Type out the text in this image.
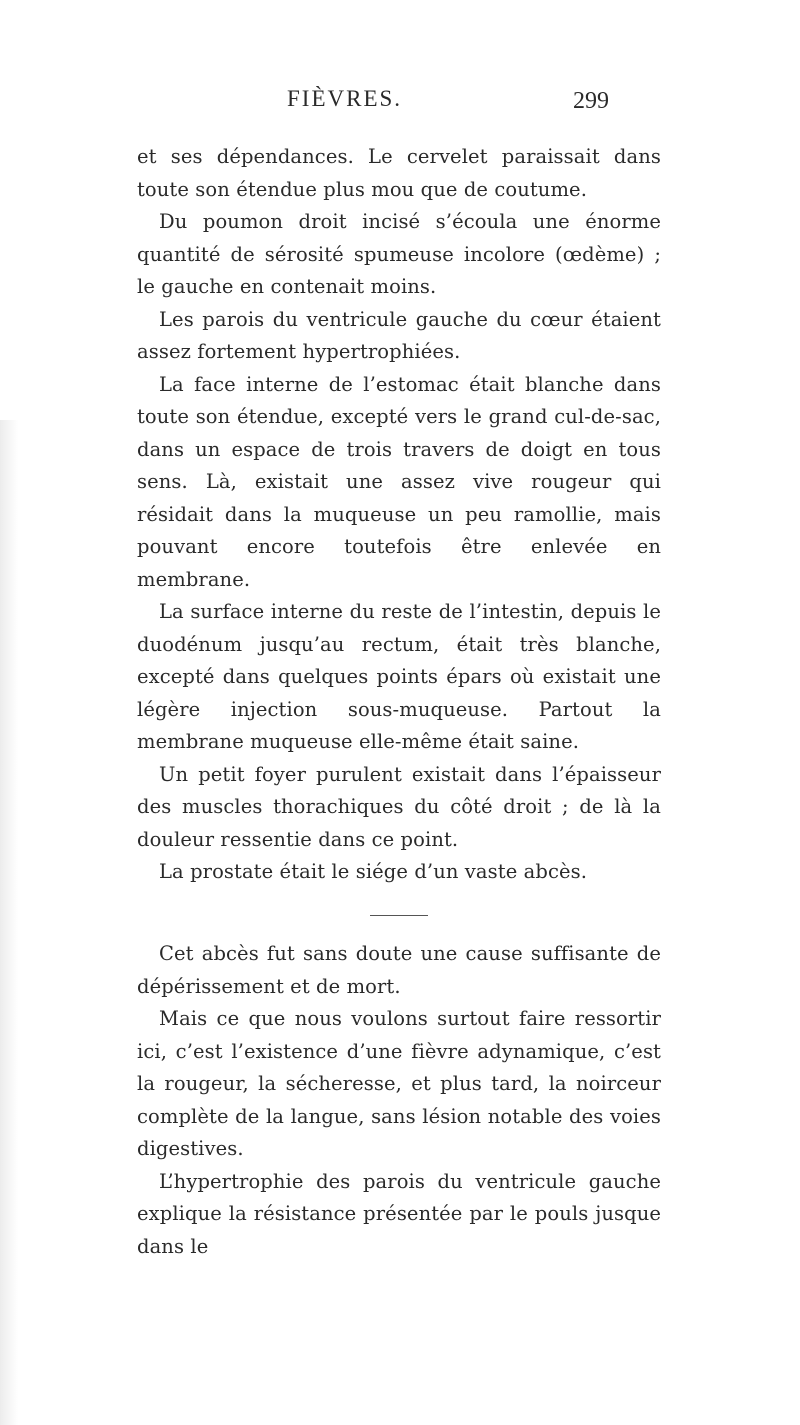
FIÈVRES.	299

et ses dépendances. Le cervelet paraissait dans toute son étendue plus mou que de coutume.

Du poumon droit incisé s’écoula une énorme quantité de sérosité spumeuse incolore (œdème) ; le gauche en contenait moins.

Les parois du ventricule gauche du cœur étaient assez fortement hypertrophiées.

La face interne de l’estomac était blanche dans toute son étendue, excepté vers le grand cul-de-sac, dans un espace de trois travers de doigt en tous sens. Là, existait une assez vive rougeur qui résidait dans la muqueuse un peu ramollie, mais pouvant encore toutefois être enlevée en membrane.

La surface interne du reste de l’intestin, depuis le duodénum jusqu’au rectum, était très blanche, excepté dans quelques points épars où existait une légère injection sous-muqueuse. Partout la membrane muqueuse elle-même était saine.

Un petit foyer purulent existait dans l’épaisseur des muscles thorachiques du côté droit ; de là la douleur ressentie dans ce point.

La prostate était le siége d’un vaste abcès.

Cet abcès fut sans doute une cause suffisante de dépérissement et de mort.

Mais ce que nous voulons surtout faire ressortir ici, c’est l’existence d’une fièvre adynamique, c’est la rougeur, la sécheresse, et plus tard, la noirceur complète de la langue, sans lésion notable des voies digestives.

L’hypertrophie des parois du ventricule gauche explique la résistance présentée par le pouls jusque dans le
